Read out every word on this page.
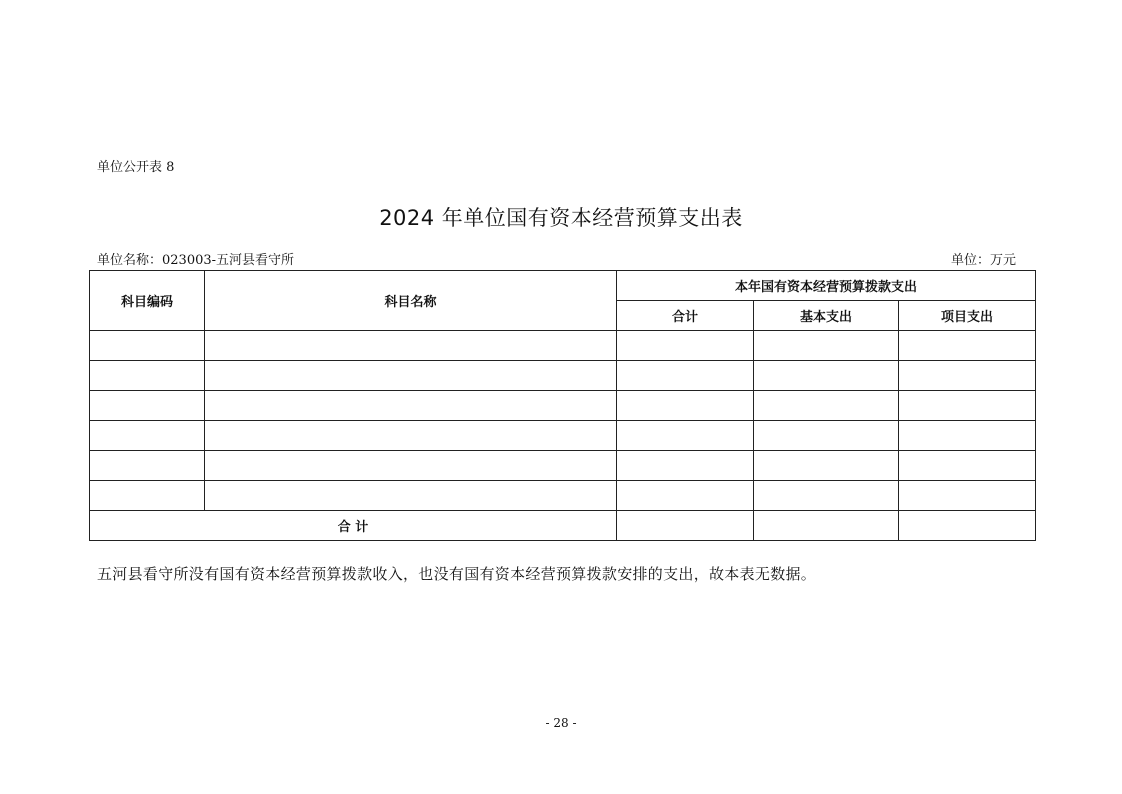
单位公开表 8
2024 年单位国有资本经营预算支出表
单位名称：023003-五河县看守所	单位：万元
科目编码	科目名称	本年国有资本经营预算拨款支出		
		合计	基本支出	项目支出

合 计				
五河县看守所没有国有资本经营预算拨款收入，也没有国有资本经营预算拨款安排的支出，故本表无数据。
- 28 -
